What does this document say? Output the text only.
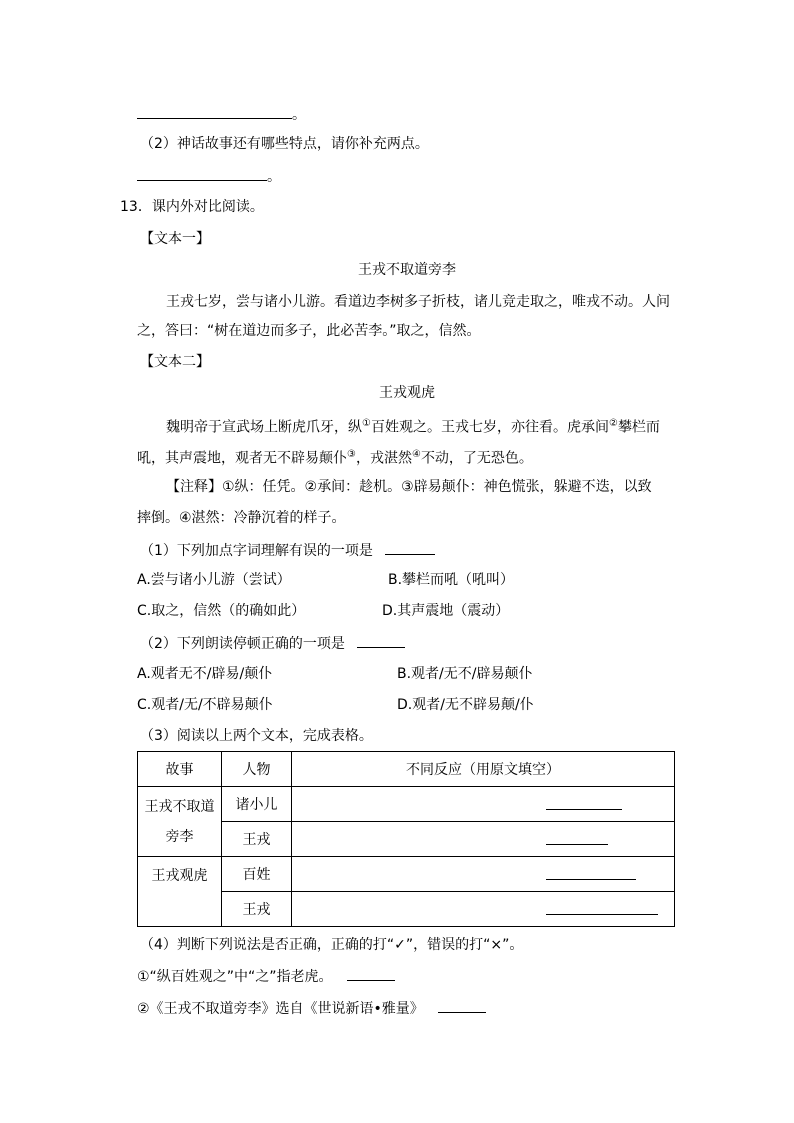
。
（2）神话故事还有哪些特点，请你补充两点。
。
13．课内外对比阅读。
【文本一】
王戎不取道旁李
王戎七岁，尝与诸小儿游。看道边李树多子折枝，诸儿竞走取之，唯戎不动。人问
之，答曰：“树在道边而多子，此必苦李。”取之，信然。
【文本二】
王戎观虎
魏明帝于宣武场上断虎爪牙，纵①百姓观之。王戎七岁，亦往看。虎承间②攀栏而
吼，其声震地，观者无不辟易颠仆③，戎湛然④不动，了无恐色。
【注释】①纵：任凭。②承间：趁机。③辟易颠仆：神色慌张，躲避不迭，以致
摔倒。④湛然：冷静沉着的样子。
（1）下列加点字词理解有误的一项是
A.尝与诸小儿游（尝试）	B.攀栏而吼（吼叫）
C.取之，信然（的确如此）	D.其声震地（震动）
（2）下列朗读停顿正确的一项是
A.观者无不/辟易/颠仆	B.观者/无不/辟易颠仆
C.观者/无/不辟易颠仆	D.观者/无不辟易颠/仆
（3）阅读以上两个文本，完成表格。
故事	人物	不同反应（用原文填空）

王戎不取道
旁李	诸小儿	
	王戎	
王戎观虎	百姓	
	王戎	
（4）判断下列说法是否正确，正确的打“✓”，错误的打“×”。
①“纵百姓观之”中“之”指老虎。
②《王戎不取道旁李》选自《世说新语•雅量》
